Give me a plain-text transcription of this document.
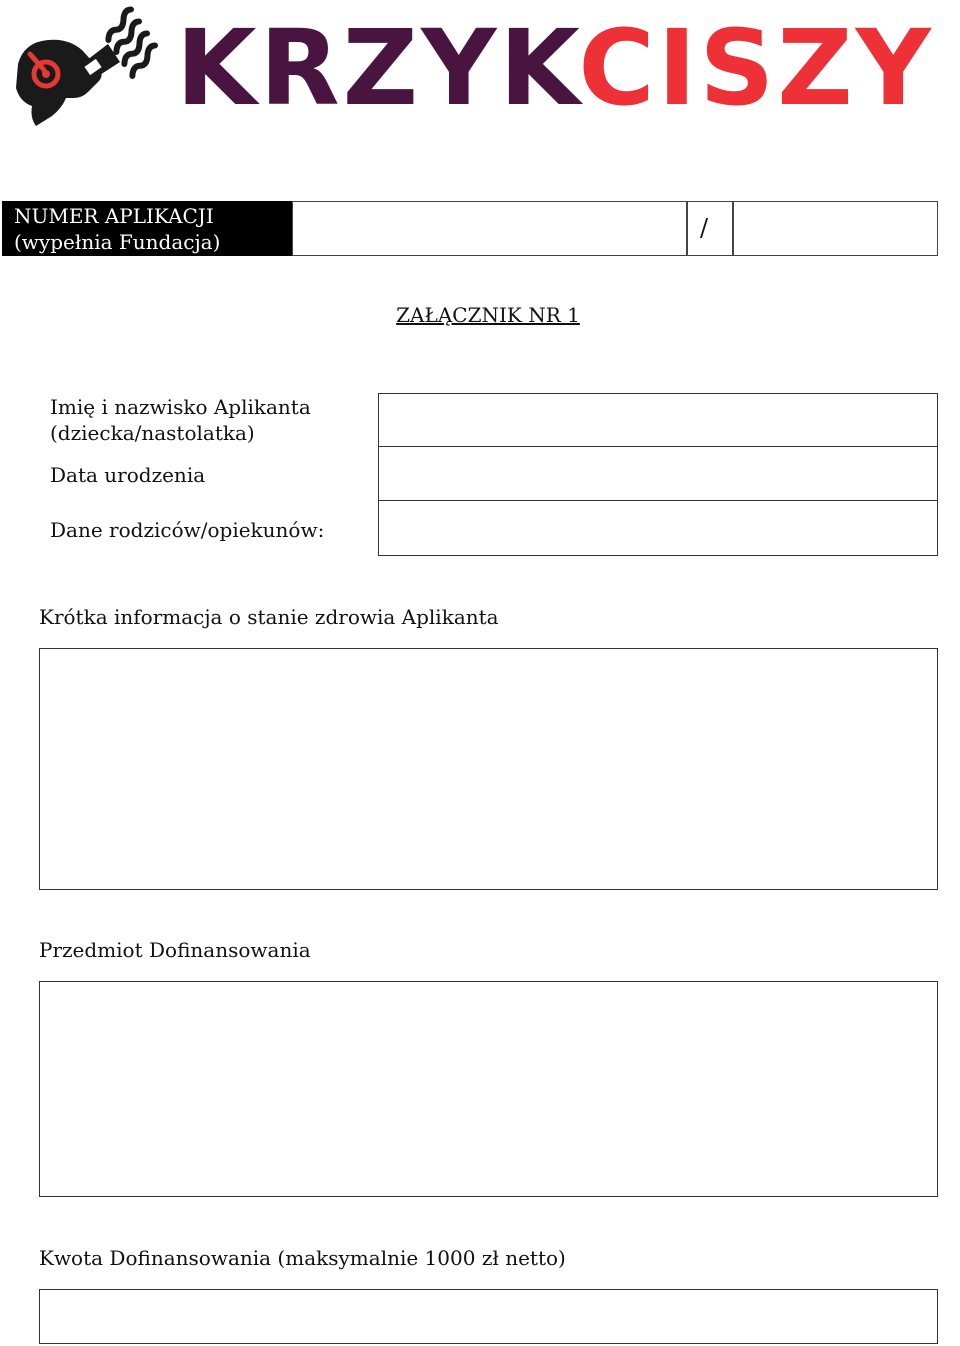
KRZYKCISZY
NUMER APLIKACJI
(wypełnia Fundacja)	/
ZAŁĄCZNIK NR 1
Imię i nazwisko Aplikanta
(dziecka/nastolatka)
Data urodzenia
Dane rodziców/opiekunów:
Krótka informacja o stanie zdrowia Aplikanta
Przedmiot Dofinansowania
Kwota Dofinansowania (maksymalnie 1000 zł netto)
